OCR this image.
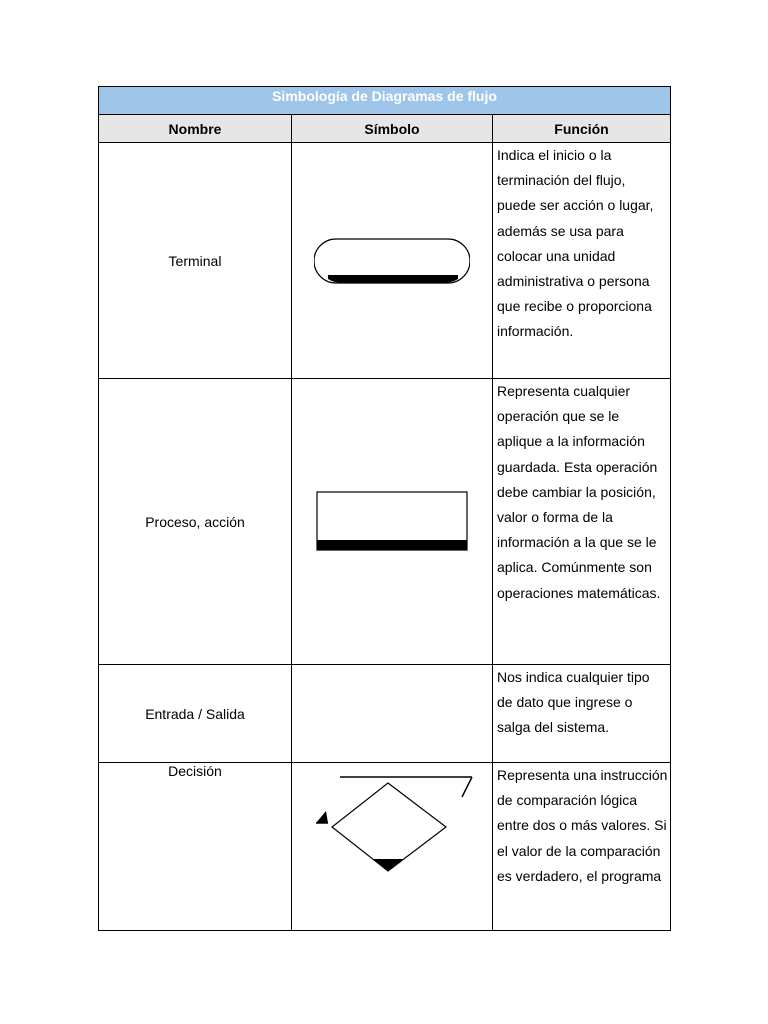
Simbología de Diagramas de flujo		
Nombre	Símbolo	Función
Terminal		Indica el inicio o la terminación del flujo, puede ser acción o lugar, además se usa para colocar una unidad administrativa o persona que recibe o proporciona información.
Proceso, acción		Representa cualquier operación que se le aplique a la información guardada. Esta operación debe cambiar la posición, valor o forma de la información a la que se le aplica. Comúnmente son operaciones matemáticas.
Entrada / Salida		Nos indica cualquier tipo de dato que ingrese o salga del sistema.
Decisión		Representa una instrucción de comparación lógica entre dos o más valores. Si el valor de la comparación es verdadero, el programa
